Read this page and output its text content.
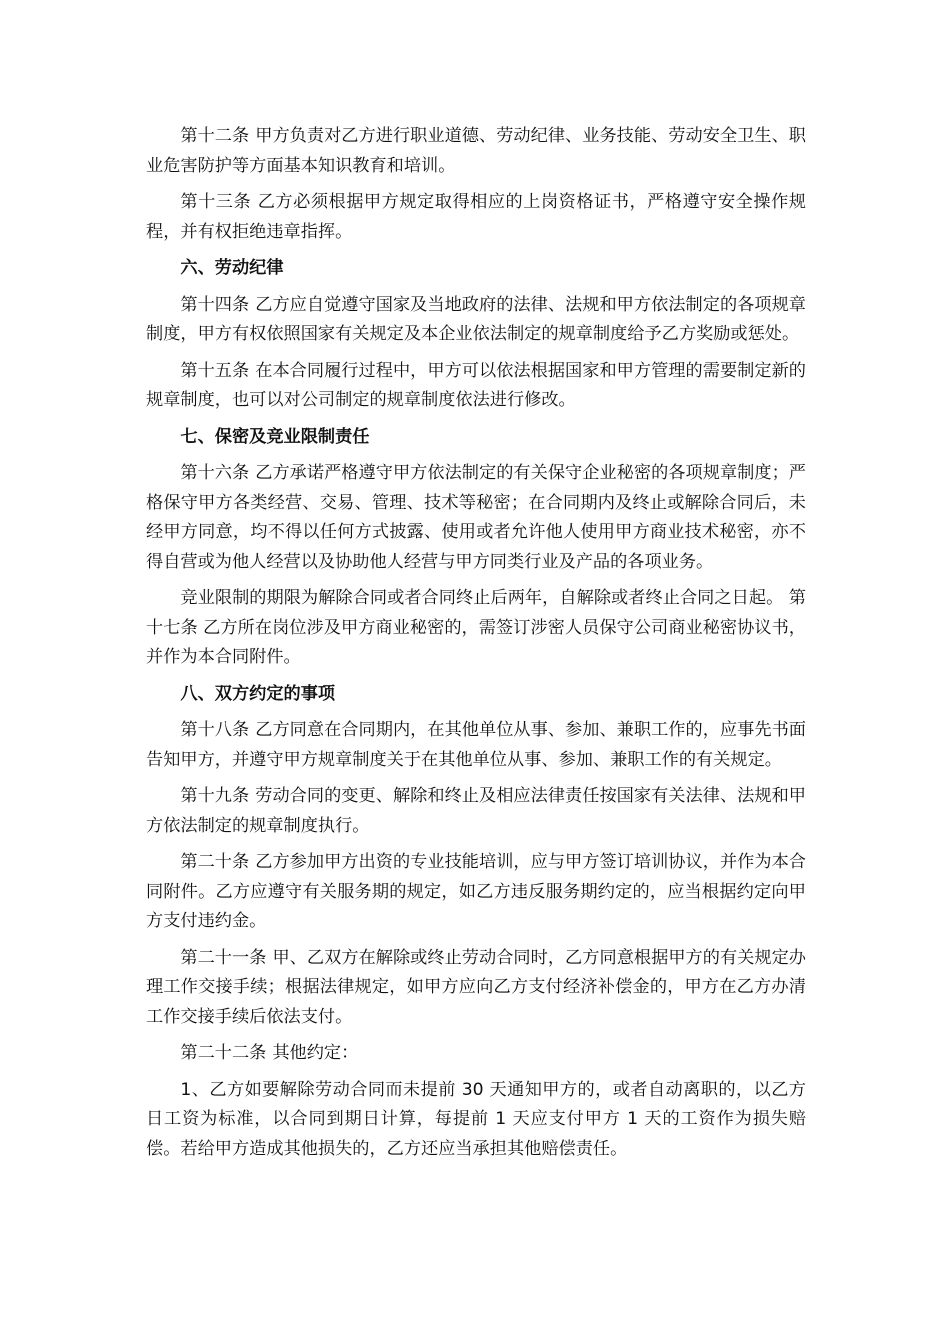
第十二条 甲方负责对乙方进行职业道德、劳动纪律、业务技能、劳动安全卫生、职业危害防护等方面基本知识教育和培训。

第十三条 乙方必须根据甲方规定取得相应的上岗资格证书，严格遵守安全操作规程，并有权拒绝违章指挥。

六、劳动纪律

第十四条 乙方应自觉遵守国家及当地政府的法律、法规和甲方依法制定的各项规章制度，甲方有权依照国家有关规定及本企业依法制定的规章制度给予乙方奖励或惩处。

第十五条 在本合同履行过程中，甲方可以依法根据国家和甲方管理的需要制定新的规章制度，也可以对公司制定的规章制度依法进行修改。

七、保密及竞业限制责任

第十六条 乙方承诺严格遵守甲方依法制定的有关保守企业秘密的各项规章制度；严格保守甲方各类经营、交易、管理、技术等秘密；在合同期内及终止或解除合同后，未经甲方同意，均不得以任何方式披露、使用或者允许他人使用甲方商业技术秘密，亦不得自营或为他人经营以及协助他人经营与甲方同类行业及产品的各项业务。

竞业限制的期限为解除合同或者合同终止后两年，自解除或者终止合同之日起。 第十七条 乙方所在岗位涉及甲方商业秘密的，需签订涉密人员保守公司商业秘密协议书，并作为本合同附件。

八、双方约定的事项

第十八条 乙方同意在合同期内，在其他单位从事、参加、兼职工作的，应事先书面告知甲方，并遵守甲方规章制度关于在其他单位从事、参加、兼职工作的有关规定。

第十九条 劳动合同的变更、解除和终止及相应法律责任按国家有关法律、法规和甲方依法制定的规章制度执行。

第二十条 乙方参加甲方出资的专业技能培训，应与甲方签订培训协议，并作为本合同附件。乙方应遵守有关服务期的规定，如乙方违反服务期约定的，应当根据约定向甲方支付违约金。

第二十一条 甲、乙双方在解除或终止劳动合同时，乙方同意根据甲方的有关规定办理工作交接手续；根据法律规定，如甲方应向乙方支付经济补偿金的，甲方在乙方办清工作交接手续后依法支付。

第二十二条 其他约定：

1、乙方如要解除劳动合同而未提前 30 天通知甲方的，或者自动离职的，以乙方日工资为标准，以合同到期日计算，每提前 1 天应支付甲方 1 天的工资作为损失赔偿。若给甲方造成其他损失的，乙方还应当承担其他赔偿责任。
